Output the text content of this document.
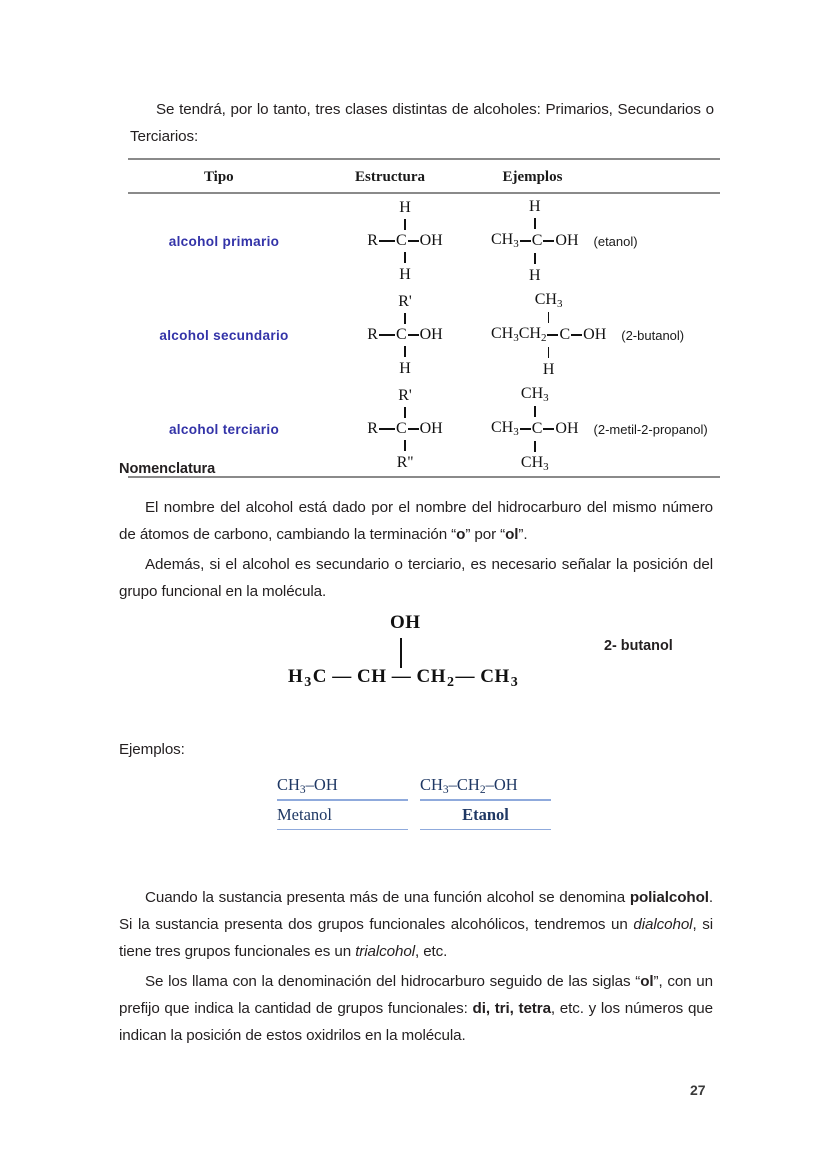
Se tendrá, por lo tanto, tres clases distintas de alcoholes: Primarios, Secundarios o Terciarios:
Tipo	Estructura	Ejemplos
alcohol primario
H
R C OH
H
H
$CH_3$ C OH
H
(etanol)
alcohol secundario
R'
R C OH
H
$CH_3$
$CH_3CH_2$ C OH
H
(2-butanol)
alcohol terciario
R'
R C OH
R''
$CH_3$
$CH_3$ C OH
$CH_3$
(2-metil-2-propanol)
Nomenclatura
El nombre del alcohol está dado por el nombre del hidrocarburo del mismo número de átomos de carbono, cambiando la terminación “o” por “ol”.
Además, si el alcohol es secundario o terciario, es necesario señalar la posición del grupo funcional en la molécula.
OH
$H_3C$ — CH — $CH_2—$ $CH_3$
2- butanol
Ejemplos:
$CH_3-OH$
Metanol
$CH_3-CH_2-OH$
Etanol
Cuando la sustancia presenta más de una función alcohol se denomina polialcohol. Si la sustancia presenta dos grupos funcionales alcohólicos, tendremos un dialcohol, si tiene tres grupos funcionales es un trialcohol, etc.
Se los llama con la denominación del hidrocarburo seguido de las siglas “ol”, con un prefijo que indica la cantidad de grupos funcionales: di, tri, tetra, etc. y los números que indican la posición de estos oxidrilos en la molécula.
27
